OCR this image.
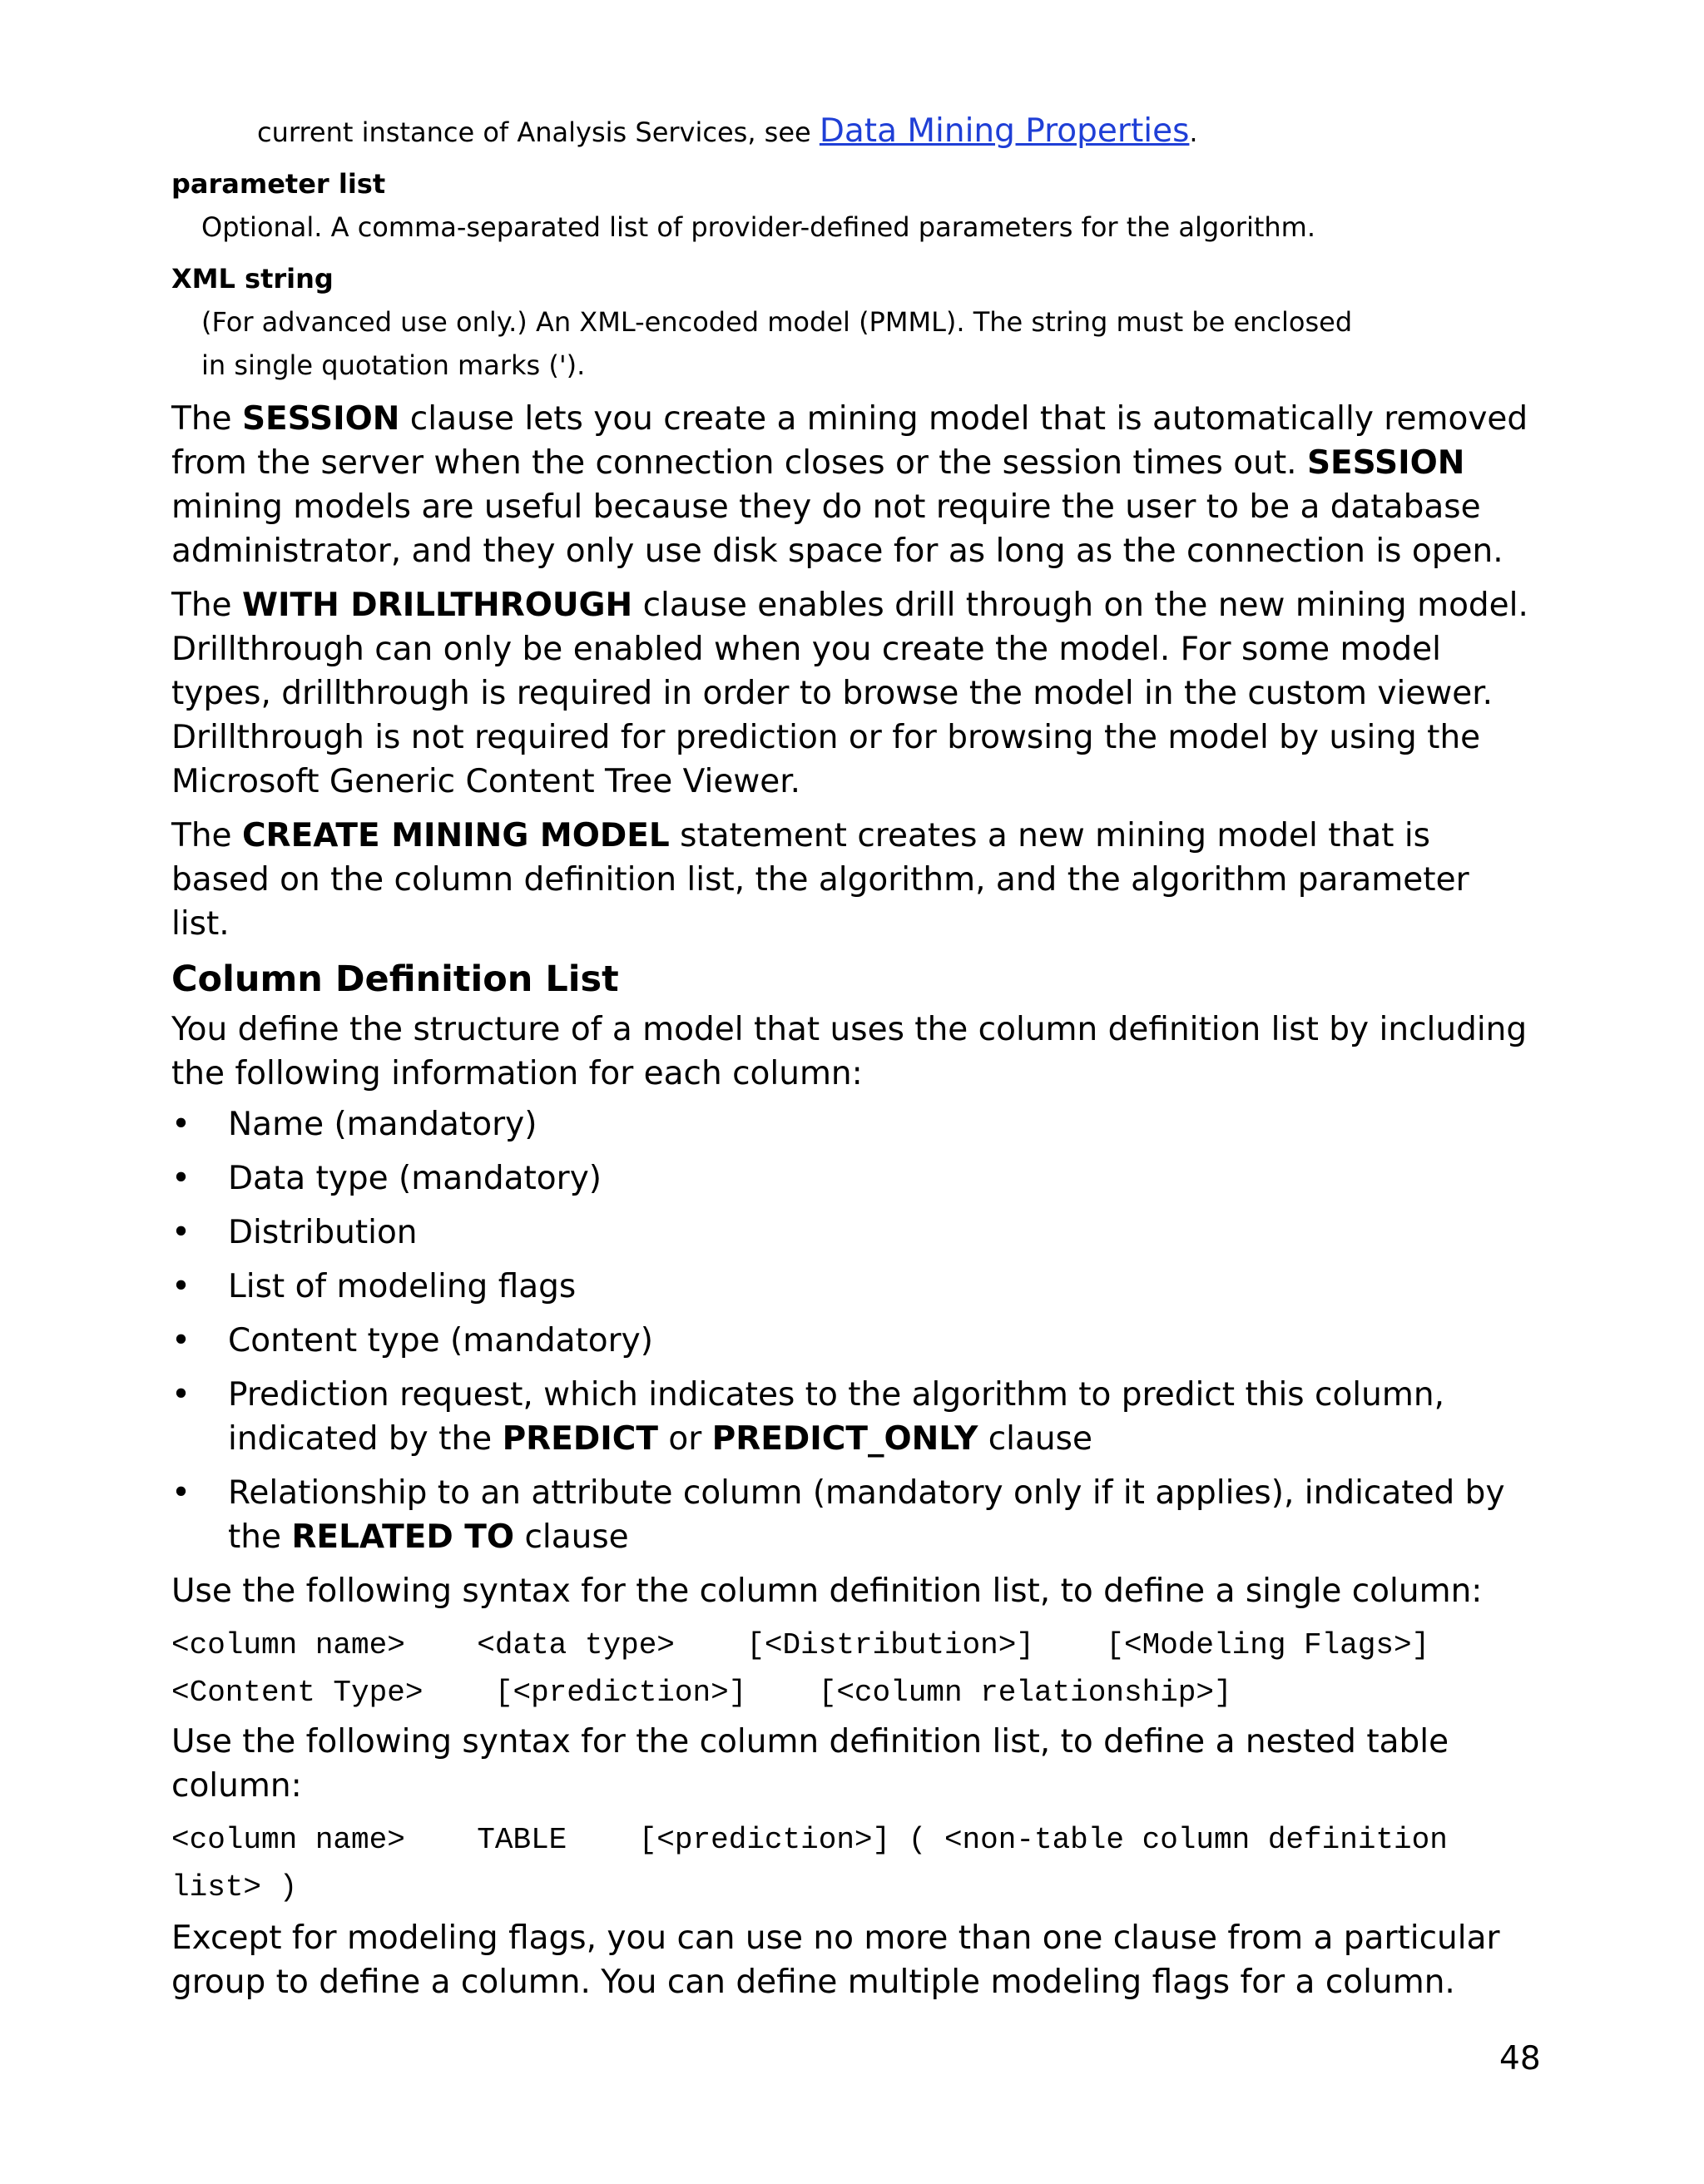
current instance of Analysis Services, see Data Mining Properties.
parameter list
Optional. A comma-separated list of provider-defined parameters for the algorithm.
XML string
(For advanced use only.) An XML-encoded model (PMML). The string must be enclosed
in single quotation marks (').
The SESSION clause lets you create a mining model that is automatically removed from the server when the connection closes or the session times out. SESSION mining models are useful because they do not require the user to be a database administrator, and they only use disk space for as long as the connection is open.
The WITH DRILLTHROUGH clause enables drill through on the new mining model. Drillthrough can only be enabled when you create the model. For some model types, drillthrough is required in order to browse the model in the custom viewer. Drillthrough is not required for prediction or for browsing the model by using the Microsoft Generic Content Tree Viewer.
The CREATE MINING MODEL statement creates a new mining model that is based on the column definition list, the algorithm, and the algorithm parameter list.
Column Definition List
You define the structure of a model that uses the column definition list by including the following information for each column:
• Name (mandatory)
• Data type (mandatory)
• Distribution
• List of modeling flags
• Content type (mandatory)
• Prediction request, which indicates to the algorithm to predict this column, indicated by the PREDICT or PREDICT_ONLY clause
• Relationship to an attribute column (mandatory only if it applies), indicated by the RELATED TO clause
Use the following syntax for the column definition list, to define a single column:
<column name>    <data type>    [<Distribution>]    [<Modeling Flags>]
<Content Type>    [<prediction>]    [<column relationship>]
Use the following syntax for the column definition list, to define a nested table column:
<column name>    TABLE    [<prediction>] ( <non-table column definition
list> )
Except for modeling flags, you can use no more than one clause from a particular group to define a column. You can define multiple modeling flags for a column.
48
